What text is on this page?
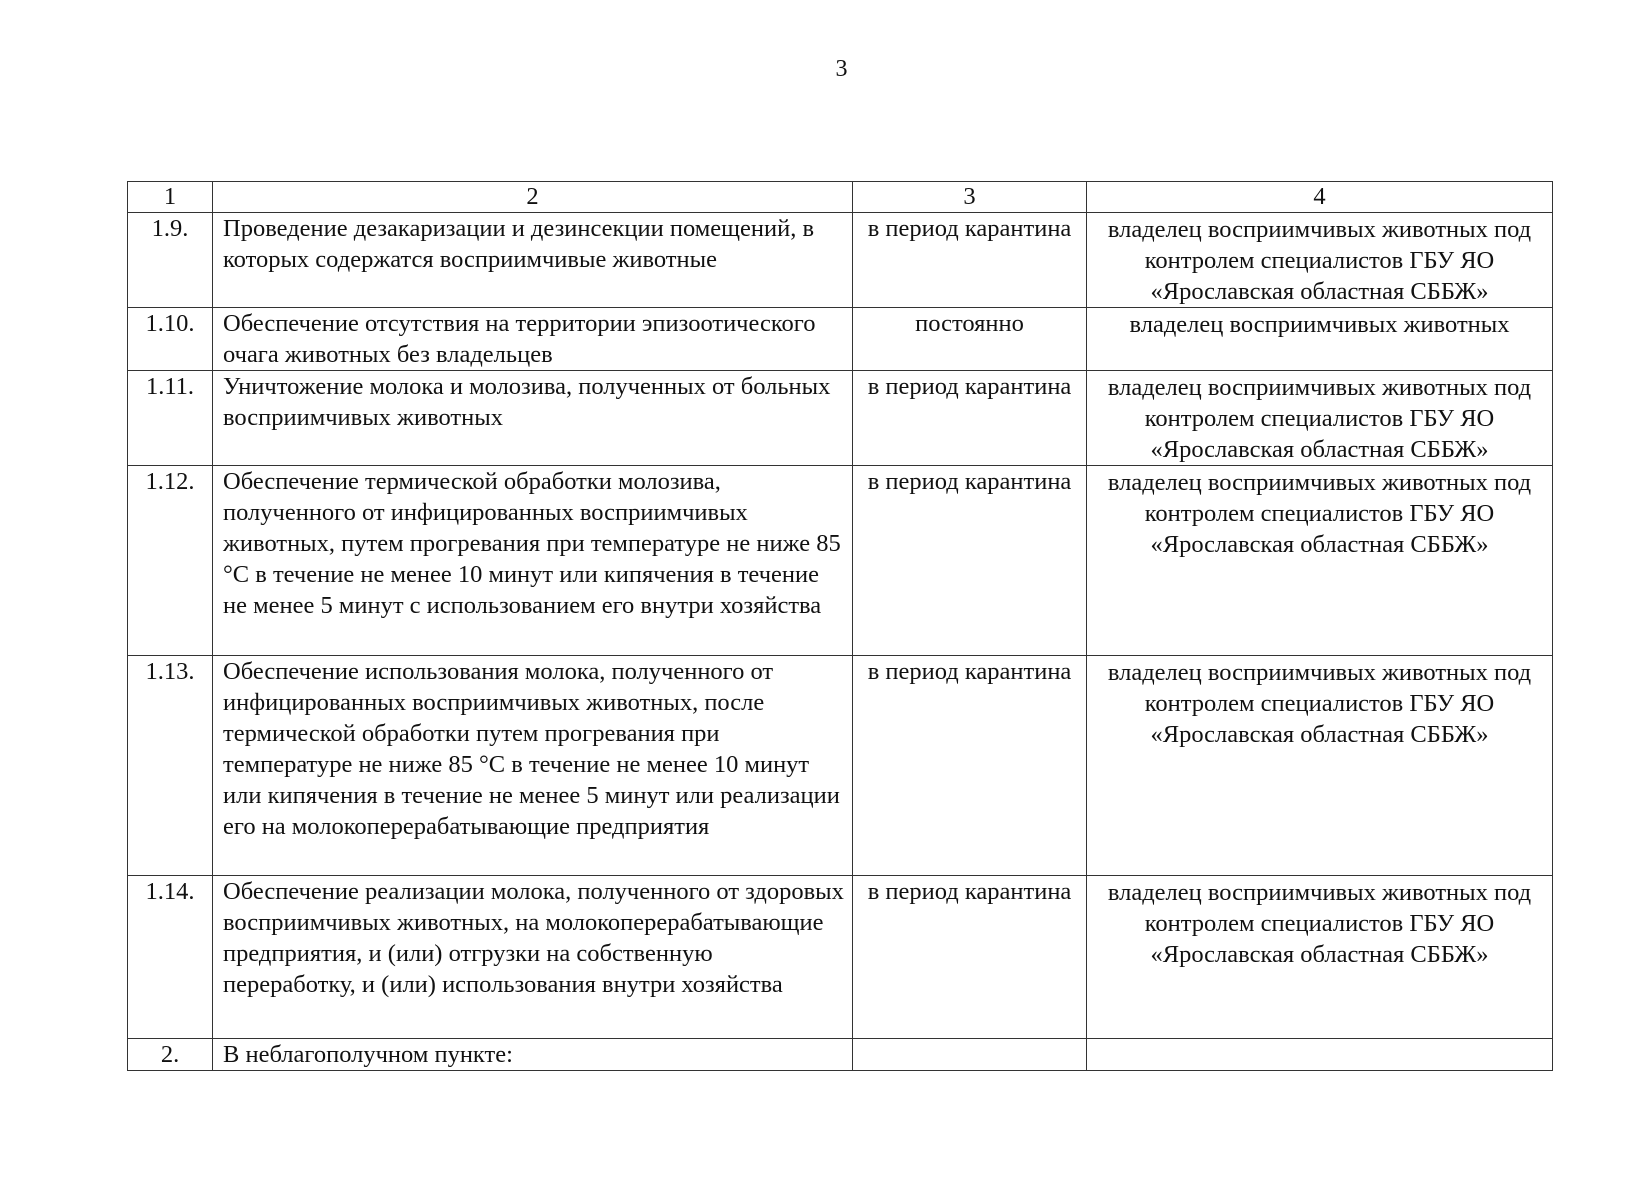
3
1	2	3	4
1.9.	Проведение дезакаризации и дезинсекции помещений, в которых содержатся восприимчивые животные	в период карантина	владелец восприимчивых животных под контролем специалистов ГБУ ЯО «Ярославская областная СББЖ»
1.10.	Обеспечение отсутствия на территории эпизоотического очага животных без владельцев	постоянно	владелец восприимчивых животных
1.11.	Уничтожение молока и молозива, полученных от больных восприимчивых животных	в период карантина	владелец восприимчивых животных под контролем специалистов ГБУ ЯО «Ярославская областная СББЖ»
1.12.	Обеспечение термической обработки молозива, полученного от инфицированных восприимчивых животных, путем прогревания при температуре не ниже 85 °С в течение не менее 10 минут или кипячения в течение не менее 5 минут с использованием его внутри хозяйства	в период карантина	владелец восприимчивых животных под контролем специалистов ГБУ ЯО «Ярославская областная СББЖ»
1.13.	Обеспечение использования молока, полученного от инфицированных восприимчивых животных, после термической обработки путем прогревания при температуре не ниже 85 °С в течение не менее 10 минут или кипячения в течение не менее 5 минут или реализации его на молокоперерабатывающие предприятия	в период карантина	владелец восприимчивых животных под контролем специалистов ГБУ ЯО «Ярославская областная СББЖ»
1.14.	Обеспечение реализации молока, полученного от здоровых восприимчивых животных, на молокоперерабатывающие предприятия, и (или) отгрузки на собственную переработку, и (или) использования внутри хозяйства	в период карантина	владелец восприимчивых животных под контролем специалистов ГБУ ЯО «Ярославская областная СББЖ»
2.	В неблагополучном пункте:		
